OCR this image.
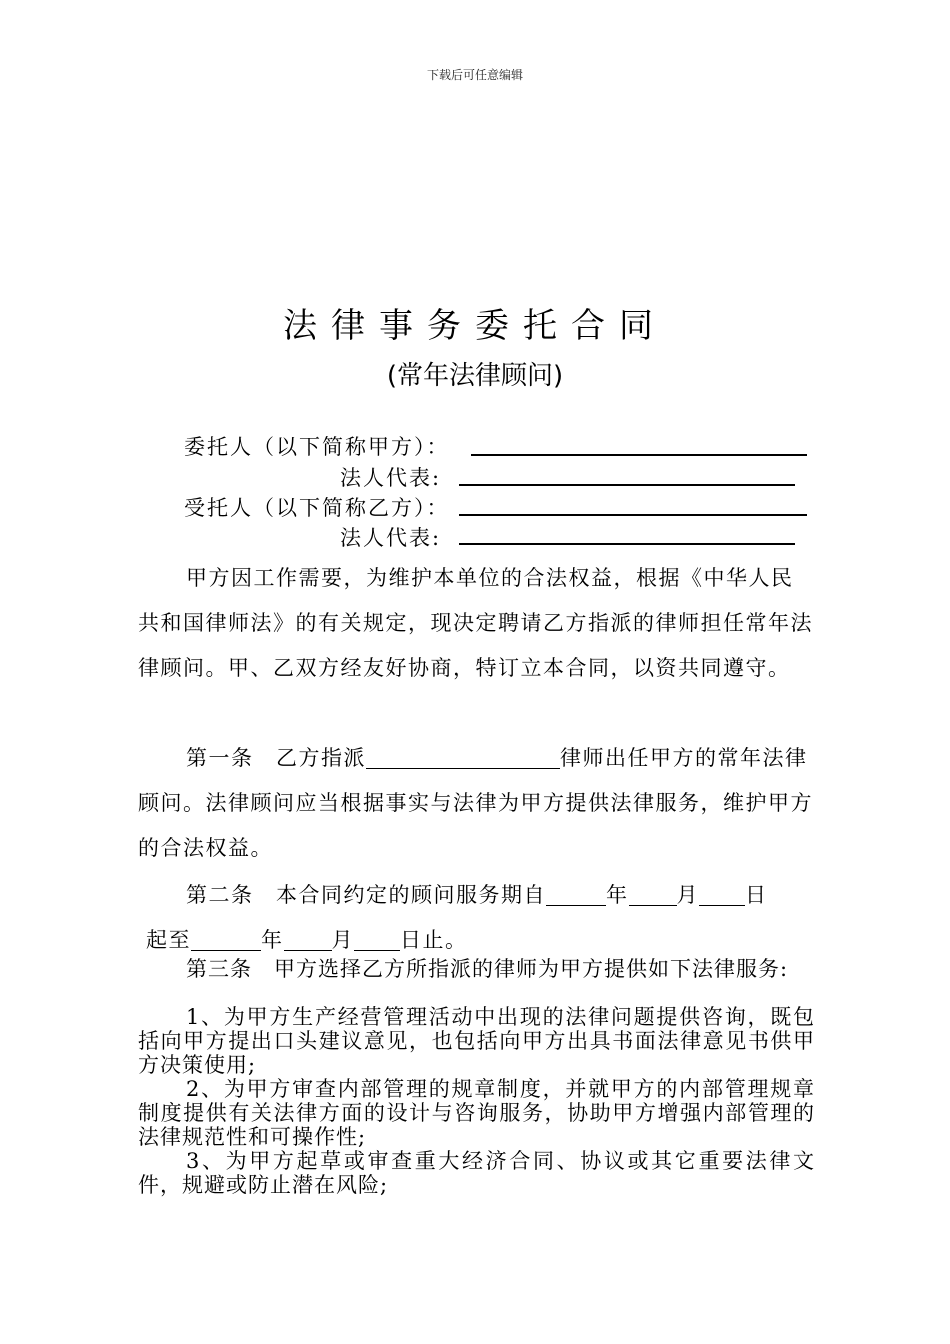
下载后可任意编辑
法律事务委托合同
(常年法律顾问)
委托人（以下简称甲方）：
法人代表:
受托人（以下简称乙方）：
法人代表:

甲方因工作需要，为维护本单位的合法权益，根据《中华人民共和国律师法》的有关规定，现决定聘请乙方指派的律师担任常年法律顾问。甲、乙双方经友好协商，特订立本合同，以资共同遵守。

第一条　乙方指派	律师出任甲方的常年法律顾问。法律顾问应当根据事实与法律为甲方提供法律服务，维护甲方的合法权益。

第二条　本合同约定的顾问服务期自	年 月 日

起至	年 月 日止。

第三条　甲方选择乙方所指派的律师为甲方提供如下法律服务:

1、为甲方生产经营管理活动中出现的法律问题提供咨询，既包括向甲方提出口头建议意见，也包括向甲方出具书面法律意见书供甲方决策使用;

2、为甲方审查内部管理的规章制度，并就甲方的内部管理规章制度提供有关法律方面的设计与咨询服务，协助甲方增强内部管理的法律规范性和可操作性;

3、为甲方起草或审查重大经济合同、协议或其它重要法律文件，规避或防止潜在风险;
